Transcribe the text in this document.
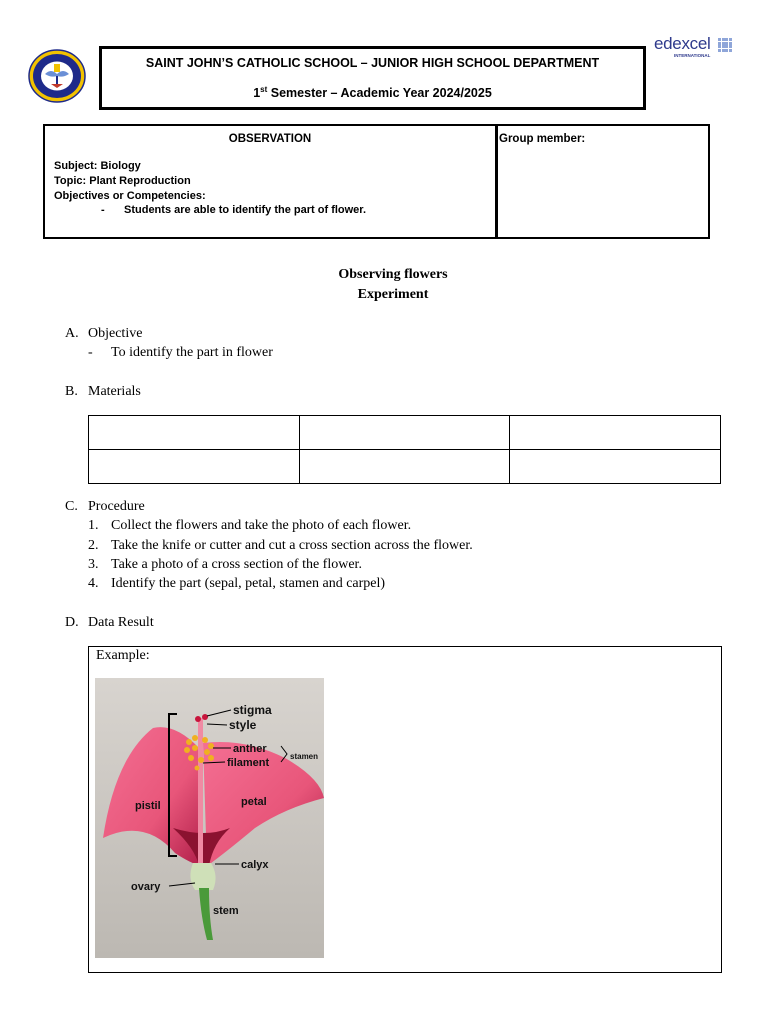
edexcel
INTERNATIONAL
SAINT JOHN’S CATHOLIC SCHOOL – JUNIOR HIGH SCHOOL DEPARTMENT
1st Semester – Academic Year 2024/2025
OBSERVATION
Subject: Biology
Topic: Plant Reproduction
Objectives or Competencies:
- Students are able to identify the part of flower.
Group member:
Observing flowers
Experiment
A. Objective
- To identify the part in flower
B. Materials

C. Procedure
1. Collect the flowers and take the photo of each flower.
2. Take the knife or cutter and cut a cross section across the flower.
3. Take a photo of a cross section of the flower.
4. Identify the part (sepal, petal, stamen and carpel)
D. Data Result
Example:
stigma
style
anther
filament
stamen
pistil	petal
calyx
ovary
stem
